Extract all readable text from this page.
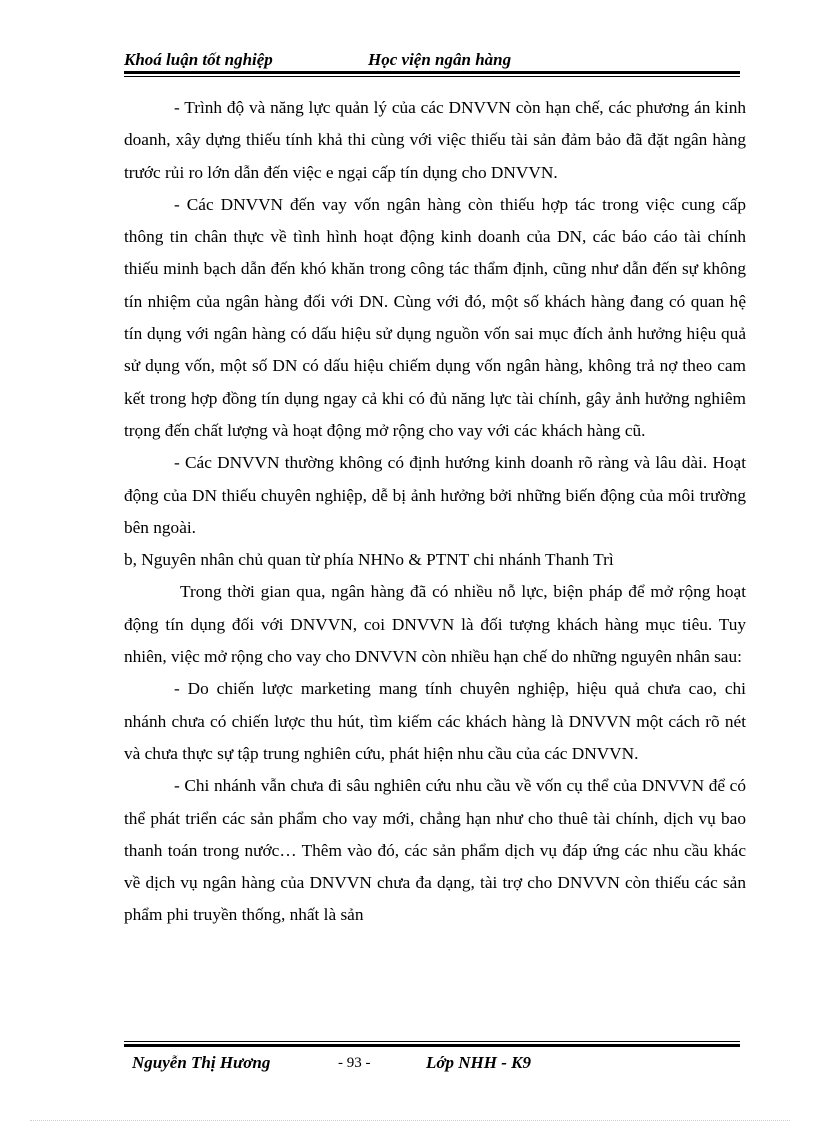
Khoá luận tốt nghiệp	Học viện ngân hàng

- Trình độ và năng lực quản lý của các DNVVN còn hạn chế, các phương án kinh doanh, xây dựng thiếu tính khả thi cùng với việc thiếu tài sản đảm bảo đã đặt ngân hàng trước rủi ro lớn dẫn đến việc e ngại cấp tín dụng cho DNVVN.

- Các DNVVN đến vay vốn ngân hàng còn thiếu hợp tác trong việc cung cấp thông tin chân thực về tình hình hoạt động kinh doanh của DN, các báo cáo tài chính thiếu minh bạch dẫn đến khó khăn trong công tác thẩm định, cũng như dẫn đến sự không tín nhiệm của ngân hàng đối với DN. Cùng với đó, một số khách hàng đang có quan hệ tín dụng với ngân hàng có dấu hiệu sử dụng nguồn vốn sai mục đích ảnh hưởng hiệu quả sử dụng vốn, một số DN có dấu hiệu chiếm dụng vốn ngân hàng, không trả nợ theo cam kết trong hợp đồng tín dụng ngay cả khi có đủ năng lực tài chính, gây ảnh hưởng nghiêm trọng đến chất lượng và hoạt động mở rộng cho vay với các khách hàng cũ.

- Các DNVVN thường không có định hướng kinh doanh rõ ràng và lâu dài. Hoạt động của DN thiếu chuyên nghiệp, dễ bị ảnh hưởng bởi những biến động của môi trường bên ngoài.

b, Nguyên nhân chủ quan từ phía NHNo & PTNT chi nhánh Thanh Trì

Trong thời gian qua, ngân hàng đã có nhiều nỗ lực, biện pháp để mở rộng hoạt động tín dụng đối với DNVVN, coi DNVVN là đối tượng khách hàng mục tiêu. Tuy nhiên, việc mở rộng cho vay cho DNVVN còn nhiều hạn chế do những nguyên nhân sau:

- Do chiến lược marketing mang tính chuyên nghiệp, hiệu quả chưa cao, chi nhánh chưa có chiến lược thu hút, tìm kiếm các khách hàng là DNVVN một cách rõ nét và chưa thực sự tập trung nghiên cứu, phát hiện nhu cầu của các DNVVN.

- Chi nhánh vẫn chưa đi sâu nghiên cứu nhu cầu về vốn cụ thể của DNVVN để có thể phát triển các sản phẩm cho vay mới, chẳng hạn như cho thuê tài chính, dịch vụ bao thanh toán trong nước… Thêm vào đó, các sản phẩm dịch vụ đáp ứng các nhu cầu khác về dịch vụ ngân hàng của DNVVN chưa đa dạng, tài trợ cho DNVVN còn thiếu các sản phẩm phi truyền thống, nhất là sản

Nguyễn Thị Hương	- 93 -	Lớp NHH - K9
